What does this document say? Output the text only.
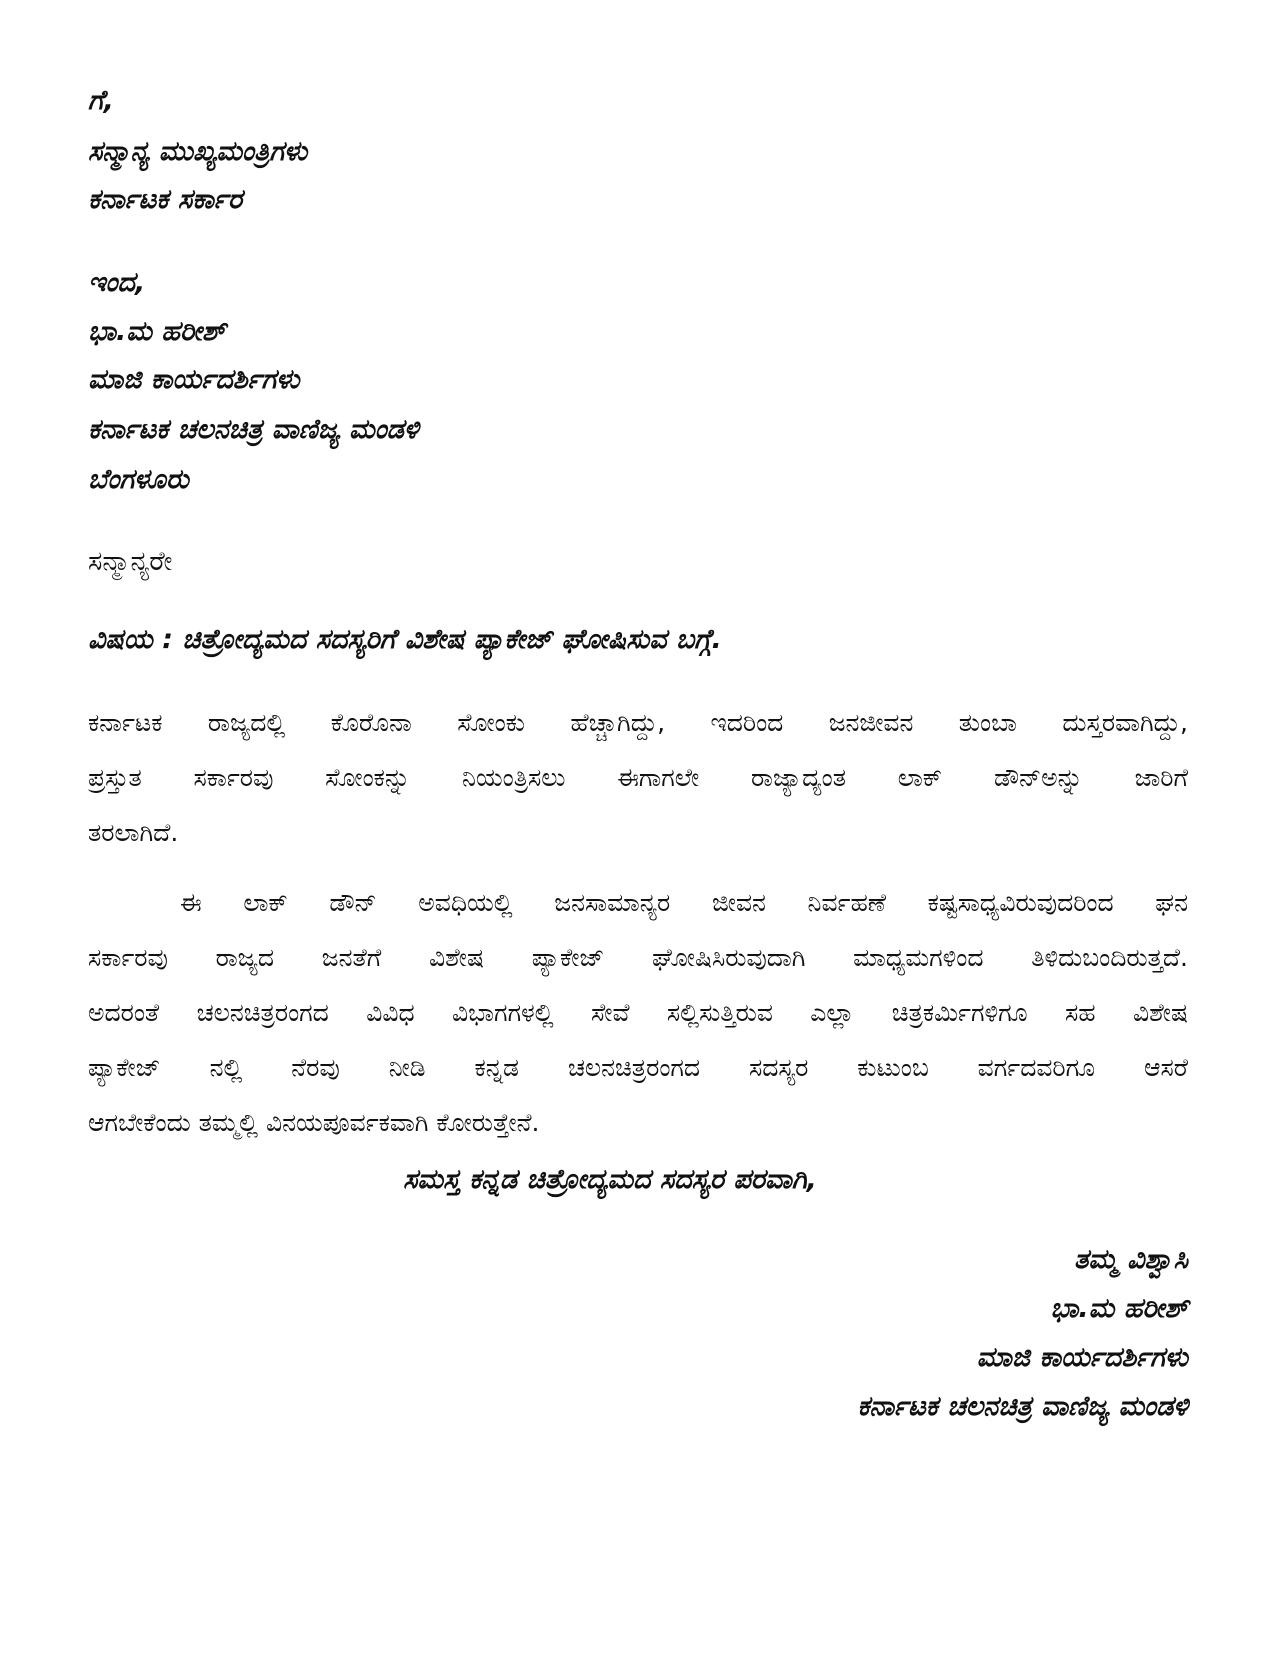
ಗೆ,
ಸನ್ಮಾನ್ಯ ಮುಖ್ಯಮಂತ್ರಿಗಳು
ಕರ್ನಾಟಕ ಸರ್ಕಾರ
ಇಂದ,
ಭಾ.ಮ ಹರೀಶ್
ಮಾಜಿ ಕಾರ್ಯದರ್ಶಿಗಳು
ಕರ್ನಾಟಕ ಚಲನಚಿತ್ರ ವಾಣಿಜ್ಯ ಮಂಡಳಿ
ಬೆಂಗಳೂರು
ಸನ್ಮಾನ್ಯರೇ
ವಿಷಯ : ಚಿತ್ರೋದ್ಯಮದ ಸದಸ್ಯರಿಗೆ ವಿಶೇಷ ಪ್ಯಾಕೇಜ್ ಘೋಷಿಸುವ ಬಗ್ಗೆ.
ಕರ್ನಾಟಕ ರಾಜ್ಯದಲ್ಲಿ ಕೊರೊನಾ ಸೋಂಕು ಹೆಚ್ಚಾಗಿದ್ದು, ಇದರಿಂದ ಜನಜೀವನ ತುಂಬಾ ದುಸ್ತರವಾಗಿದ್ದು,
ಪ್ರಸ್ತುತ ಸರ್ಕಾರವು ಸೋಂಕನ್ನು ನಿಯಂತ್ರಿಸಲು ಈಗಾಗಲೇ ರಾಜ್ಯಾದ್ಯಂತ ಲಾಕ್ ಡೌನ್‌ಅನ್ನು ಜಾರಿಗೆ
ತರಲಾಗಿದೆ.
ಈ ಲಾಕ್ ಡೌನ್ ಅವಧಿಯಲ್ಲಿ ಜನಸಾಮಾನ್ಯರ ಜೀವನ ನಿರ್ವಹಣೆ ಕಷ್ಟಸಾಧ್ಯವಿರುವುದರಿಂದ ಘನ
ಸರ್ಕಾರವು ರಾಜ್ಯದ ಜನತೆಗೆ ವಿಶೇಷ ಪ್ಯಾಕೇಜ್ ಘೋಷಿಸಿರುವುದಾಗಿ ಮಾಧ್ಯಮಗಳಿಂದ ತಿಳಿದುಬಂದಿರುತ್ತದೆ.
ಅದರಂತೆ ಚಲನಚಿತ್ರರಂಗದ ವಿವಿಧ ವಿಭಾಗಗಳಲ್ಲಿ ಸೇವೆ ಸಲ್ಲಿಸುತ್ತಿರುವ ಎಲ್ಲಾ ಚಿತ್ರಕರ್ಮಿಗಳಿಗೂ ಸಹ ವಿಶೇಷ
ಪ್ಯಾಕೇಜ್ ನಲ್ಲಿ ನೆರವು ನೀಡಿ ಕನ್ನಡ ಚಲನಚಿತ್ರರಂಗದ ಸದಸ್ಯರ ಕುಟುಂಬ ವರ್ಗದವರಿಗೂ ಆಸರೆ
ಆಗಬೇಕೆಂದು ತಮ್ಮಲ್ಲಿ ವಿನಯಪೂರ್ವಕವಾಗಿ ಕೋರುತ್ತೇನೆ.
ಸಮಸ್ತ ಕನ್ನಡ ಚಿತ್ರೋದ್ಯಮದ ಸದಸ್ಯರ ಪರವಾಗಿ,
ತಮ್ಮ ವಿಶ್ವಾಸಿ
ಭಾ.ಮ ಹರೀಶ್
ಮಾಜಿ ಕಾರ್ಯದರ್ಶಿಗಳು
ಕರ್ನಾಟಕ ಚಲನಚಿತ್ರ ವಾಣಿಜ್ಯ ಮಂಡಳಿ
